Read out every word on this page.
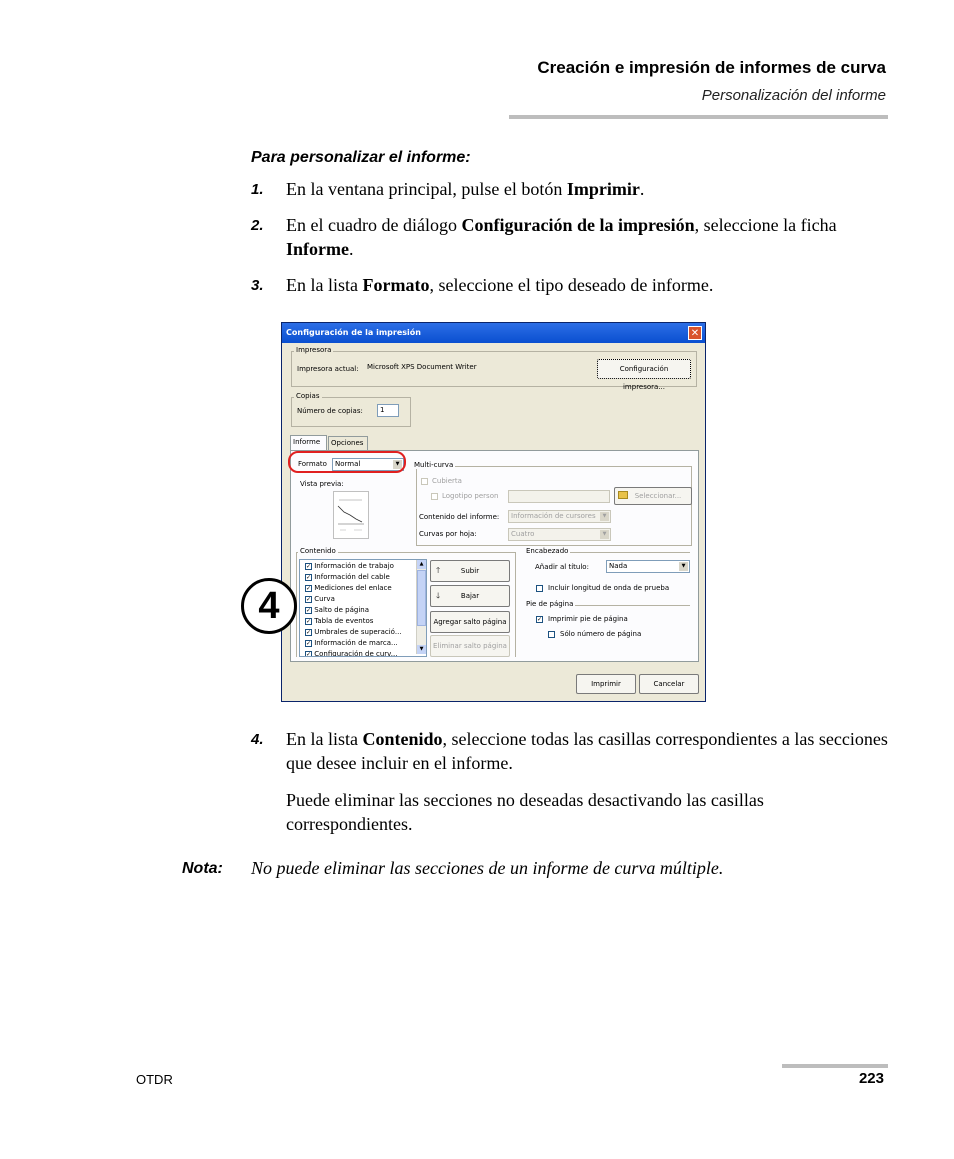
Creación e impresión de informes de curva
Personalización del informe
Para personalizar el informe:
1. En la ventana principal, pulse el botón Imprimir.
2. En el cuadro de diálogo Configuración de la impresión, seleccione la ficha Informe.
3. En la lista Formato, seleccione el tipo deseado de informe.
Configuración de la impresión	✕
Impresora
Impresora actual: Microsoft XPS Document Writer	Configuración impresora...
Copias
Número de copias:	1
Informe	Opciones
Formato	Normal	▼
Vista previa:
Multi-curva
Cubierta
Logotipo person	Seleccionar...
Contenido del informe:	Información de cursores	▼
Curvas por hoja:	Cuatro	▼
Contenido
✓ Información de trabajo
✓ Información del cable
✓ Mediciones del enlace
✓ Curva
✓ Salto de página
✓ Tabla de eventos
✓ Umbrales de superació...
✓ Información de marca...
✓ Configuración de curv...
▲
▼
🡑	Subir
🡓	Bajar
Agregar salto página
Eliminar salto página
Encabezado
Añadir al título:	Nada	▼
Incluir longitud de onda de prueba
Pie de página
✓ Imprimir pie de página
Sólo número de página
Imprimir	Cancelar
4
4. En la lista Contenido, seleccione todas las casillas correspondientes a las secciones que desee incluir en el informe.
Puede eliminar las secciones no deseadas desactivando las casillas correspondientes.
Nota: No puede eliminar las secciones de un informe de curva múltiple.
OTDR	223
